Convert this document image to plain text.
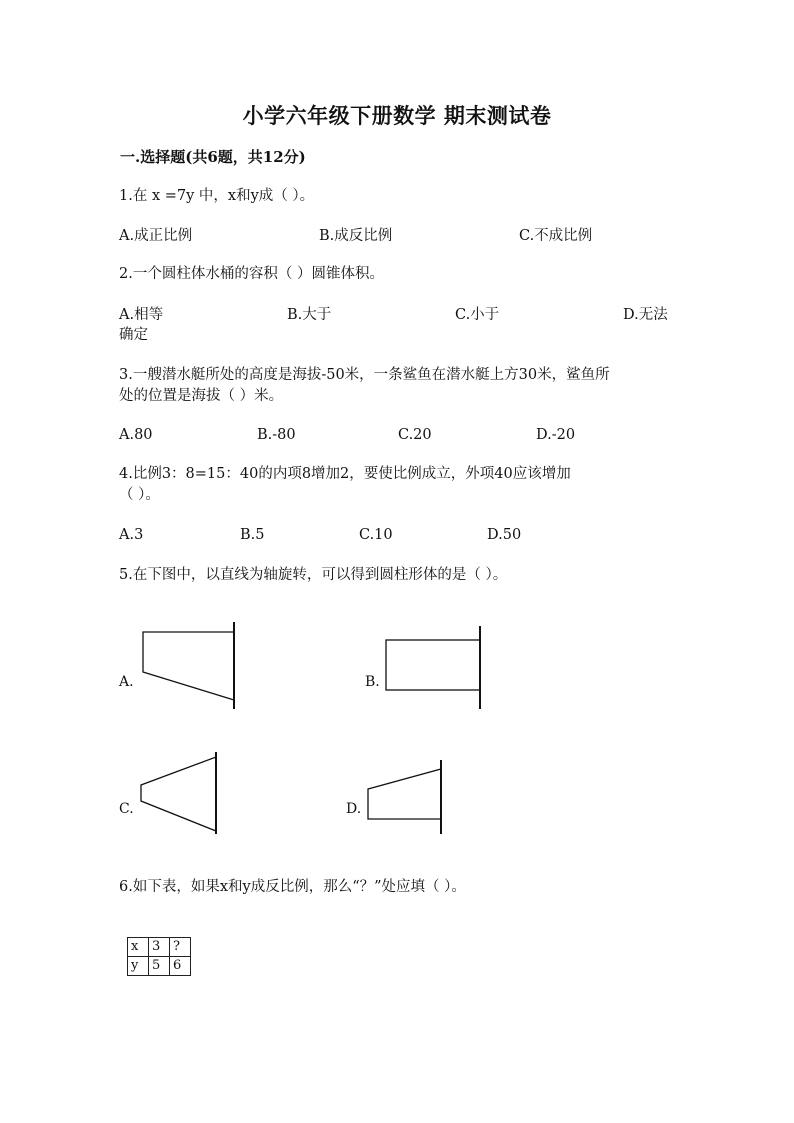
小学六年级下册数学 期末测试卷
一.选择题(共6题，共12分)
1.在 x =7y 中，x和y成（ ）。
A.成正比例	B.成反比例	C.不成比例
2.一个圆柱体水桶的容积（ ）圆锥体积。
A.相等	B.大于	C.小于	D.无法
确定
3.一艘潜水艇所处的高度是海拔-50米，一条鲨鱼在潜水艇上方30米，鲨鱼所
处的位置是海拔（ ）米。
A.80	B.-80	C.20	D.-20
4.比例3：8=15：40的内项8增加2，要使比例成立，外项40应该增加
（ ）。
A.3	B.5	C.10	D.50
5.在下图中，以直线为轴旋转，可以得到圆柱形体的是（ ）。
A.	B.
C.	D.
6.如下表，如果x和y成反比例，那么“？”处应填（ ）。
x	3	?
y	5	6
